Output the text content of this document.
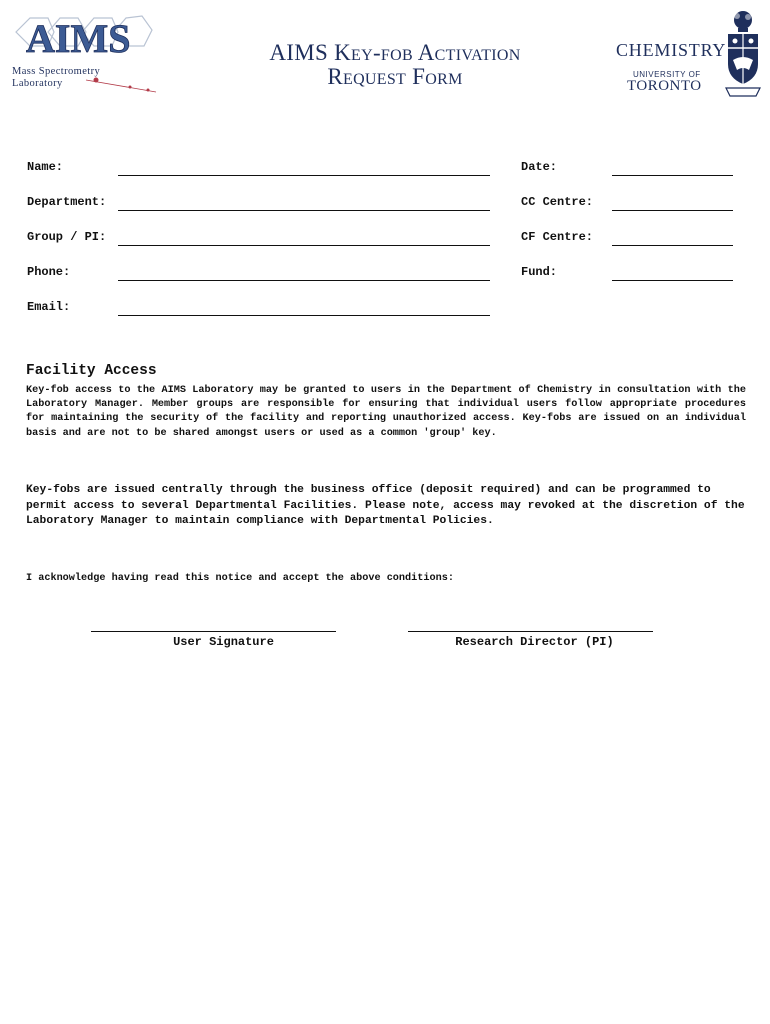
AIMS
Mass Spectrometry
Laboratory
AIMS Key-fob Activation
Request Form
CHEMISTRY
UNIVERSITY OF
TORONTO
Name:
Department:
Group / PI:
Phone:
Email:
Date:
CC Centre:
CF Centre:
Fund:
Facility Access
Key-fob access to the AIMS Laboratory may be granted to users in the Department of Chemistry in consultation with the Laboratory Manager. Member groups are responsible for ensuring that individual users follow appropriate procedures for maintaining the security of the facility and reporting unauthorized access. Key-fobs are issued on an individual basis and are not to be shared amongst users or used as a common 'group' key.
Key-fobs are issued centrally through the business office (deposit required) and can be programmed to permit access to several Departmental Facilities. Please note, access may revoked at the discretion of the Laboratory Manager to maintain compliance with Departmental Policies.
I acknowledge having read this notice and accept the above conditions:
User Signature	Research Director (PI)
